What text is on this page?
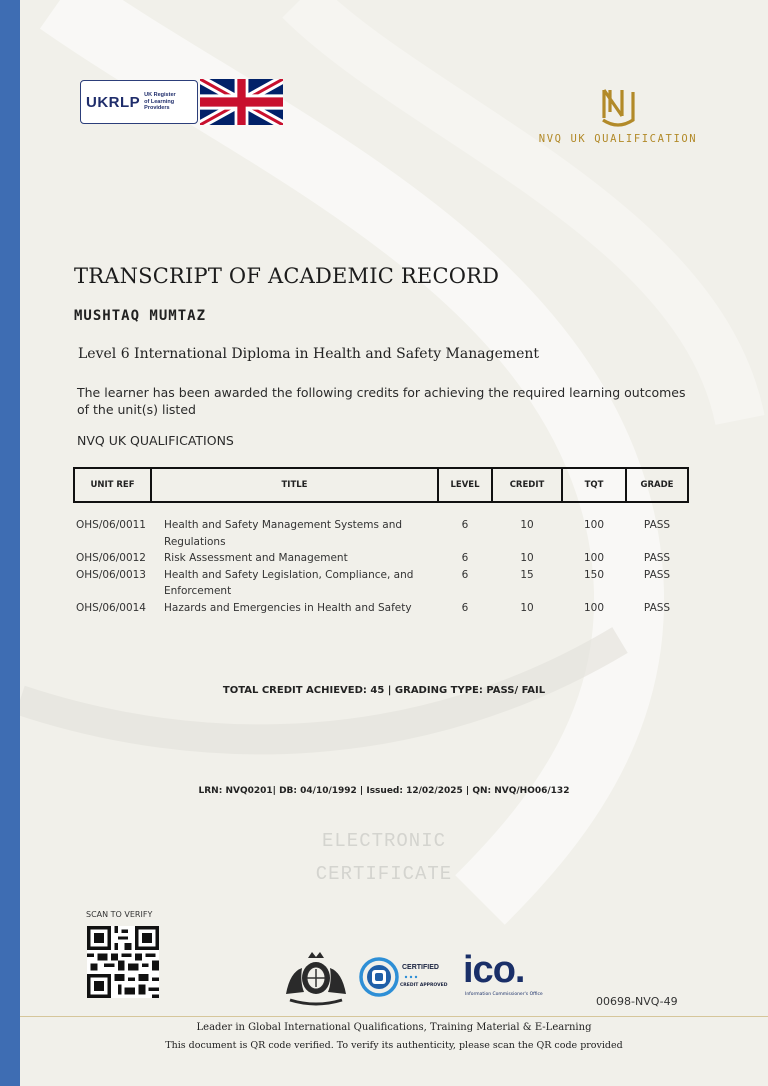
UKRLP UK Register
of Learning
Providers
NVQ UK QUALIFICATION
TRANSCRIPT OF ACADEMIC RECORD
MUSHTAQ MUMTAZ
Level 6 International Diploma in Health and Safety Management
The learner has been awarded the following credits for achieving the required learning outcomes of the unit(s) listed
NVQ UK QUALIFICATIONS
UNIT REF	TITLE	LEVEL	CREDIT	TQT	GRADE
OHS/06/0011	Health and Safety Management Systems and Regulations	6	10	100	PASS
OHS/06/0012	Risk Assessment and Management	6	10	100	PASS
OHS/06/0013	Health and Safety Legislation, Compliance, and Enforcement	6	15	150	PASS
OHS/06/0014	Hazards and Emergencies in Health and Safety	6	10	100	PASS
TOTAL CREDIT ACHIEVED: 45 | GRADING TYPE: PASS/ FAIL
LRN: NVQ0201| DB: 04/10/1992 | Issued: 12/02/2025 | QN: NVQ/HO06/132
ELECTRONIC
CERTIFICATE
SCAN TO VERIFY
CERTIFIED
CREDIT APPROVED ico.
Information Commissioner's Office
00698-NVQ-49
Leader in Global International Qualifications, Training Material & E-Learning
This document is QR code verified. To verify its authenticity, please scan the QR code provided
